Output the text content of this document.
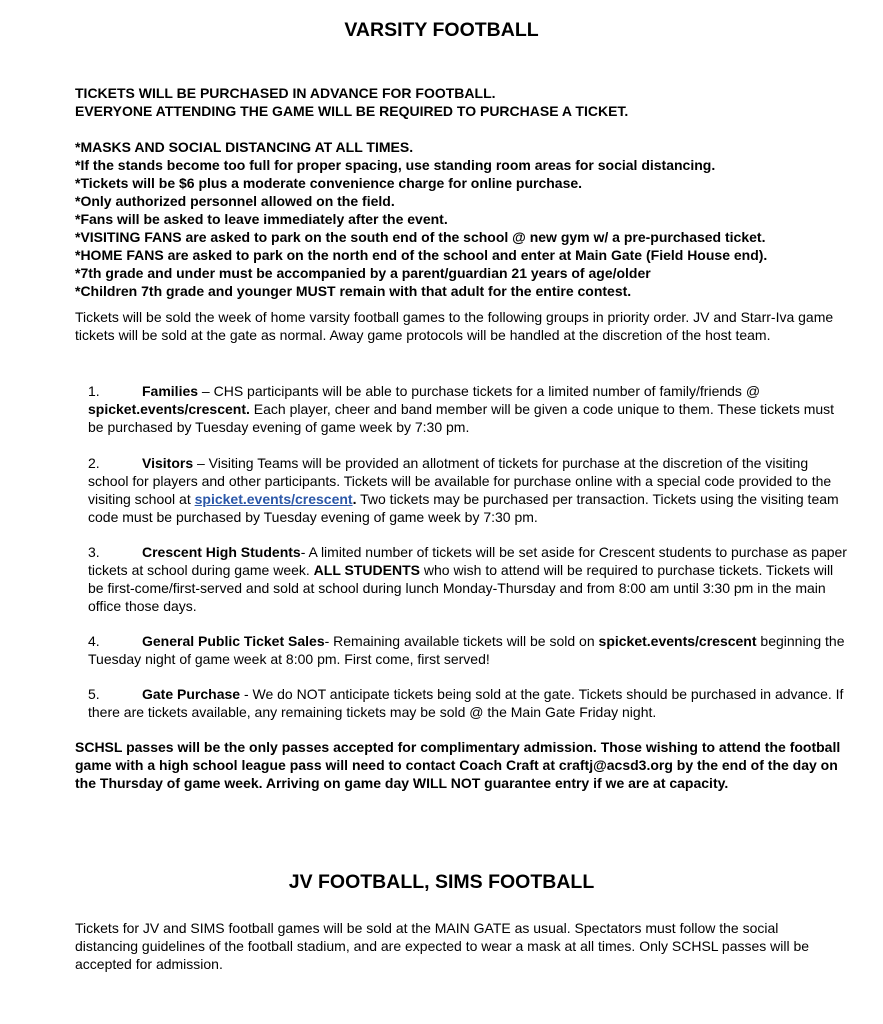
VARSITY FOOTBALL
TICKETS WILL BE PURCHASED IN ADVANCE FOR FOOTBALL.
EVERYONE ATTENDING THE GAME WILL BE REQUIRED TO PURCHASE A TICKET.
*MASKS AND SOCIAL DISTANCING AT ALL TIMES.
*If the stands become too full for proper spacing, use standing room areas for social distancing.
*Tickets will be $6 plus a moderate convenience charge for online purchase.
*Only authorized personnel allowed on the field.
*Fans will be asked to leave immediately after the event.
*VISITING FANS are asked to park on the south end of the school @ new gym w/ a pre-purchased ticket.
*HOME FANS are asked to park on the north end of the school and enter at Main Gate (Field House end).
*7th grade and under must be accompanied by a parent/guardian 21 years of age/older
*Children 7th grade and younger MUST remain with that adult for the entire contest.

Tickets will be sold the week of home varsity football games to the following groups in priority order. JV and Starr-Iva game tickets will be sold at the gate as normal. Away game protocols will be handled at the discretion of the host team.

1.	Families – CHS participants will be able to purchase tickets for a limited number of family/friends @ spicket.events/crescent. Each player, cheer and band member will be given a code unique to them. These tickets must be purchased by Tuesday evening of game week by 7:30 pm.

2.	Visitors – Visiting Teams will be provided an allotment of tickets for purchase at the discretion of the visiting school for players and other participants. Tickets will be available for purchase online with a special code provided to the visiting school at spicket.events/crescent. Two tickets may be purchased per transaction. Tickets using the visiting team code must be purchased by Tuesday evening of game week by 7:30 pm.

3.	Crescent High Students- A limited number of tickets will be set aside for Crescent students to purchase as paper tickets at school during game week. ALL STUDENTS who wish to attend will be required to purchase tickets. Tickets will be first-come/first-served and sold at school during lunch Monday-Thursday and from 8:00 am until 3:30 pm in the main office those days.

4.	General Public Ticket Sales- Remaining available tickets will be sold on spicket.events/crescent beginning the Tuesday night of game week at 8:00 pm. First come, first served!

5.	Gate Purchase - We do NOT anticipate tickets being sold at the gate. Tickets should be purchased in advance. If there are tickets available, any remaining tickets may be sold @ the Main Gate Friday night.

SCHSL passes will be the only passes accepted for complimentary admission. Those wishing to attend the football game with a high school league pass will need to contact Coach Craft at craftj@acsd3.org by the end of the day on the Thursday of game week. Arriving on game day WILL NOT guarantee entry if we are at capacity.

JV FOOTBALL, SIMS FOOTBALL

Tickets for JV and SIMS football games will be sold at the MAIN GATE as usual. Spectators must follow the social distancing guidelines of the football stadium, and are expected to wear a mask at all times. Only SCHSL passes will be accepted for admission.
